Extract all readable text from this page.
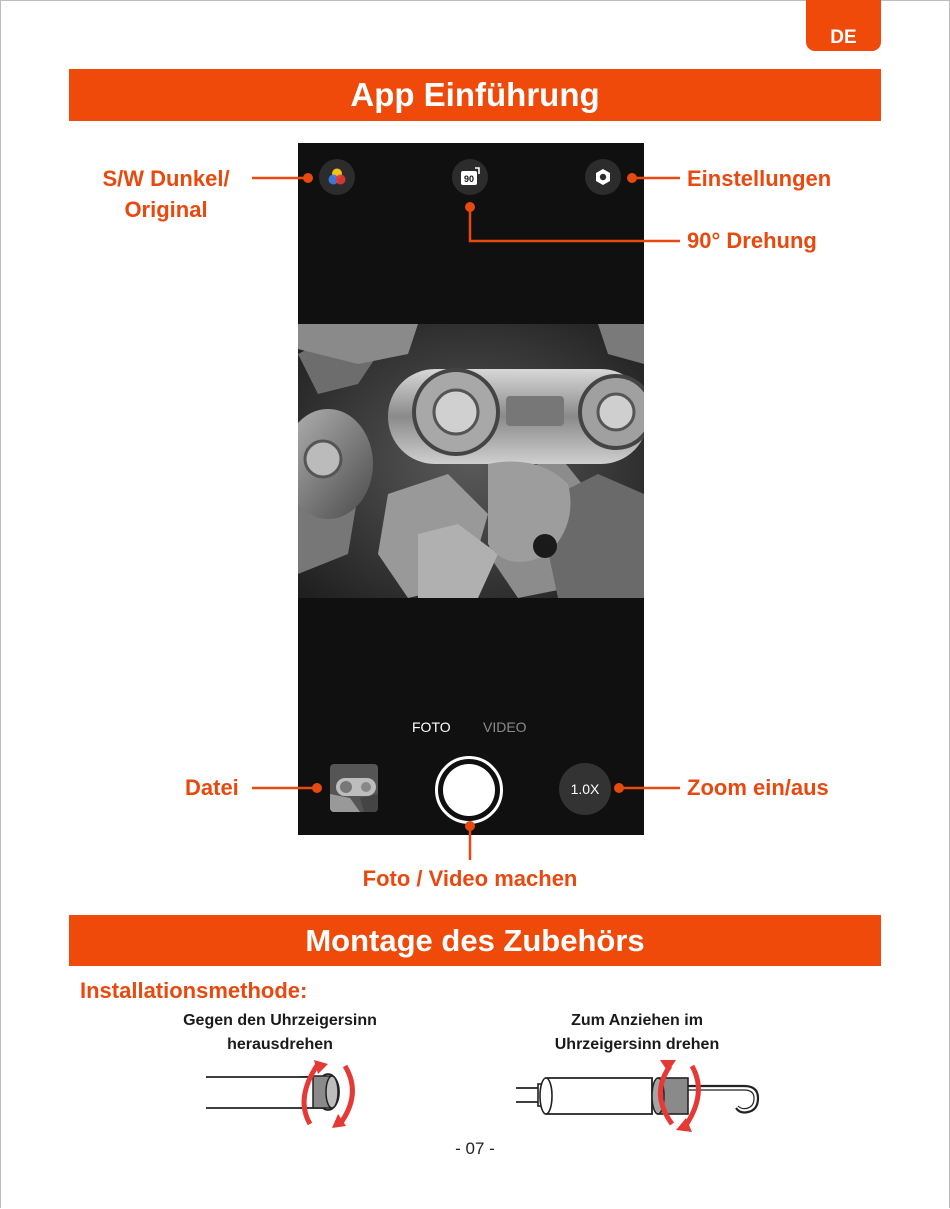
DE
App Einführung
90
FOTO VIDEO
1.0X
S/W Dunkel/
Original
Einstellungen
90° Drehung
Datei	Zoom ein/aus
Foto / Video machen
Montage des Zubehörs
Installationsmethode:
Gegen den Uhrzeigersinn
herausdrehen
Zum Anziehen im
Uhrzeigersinn drehen
- 07 -
